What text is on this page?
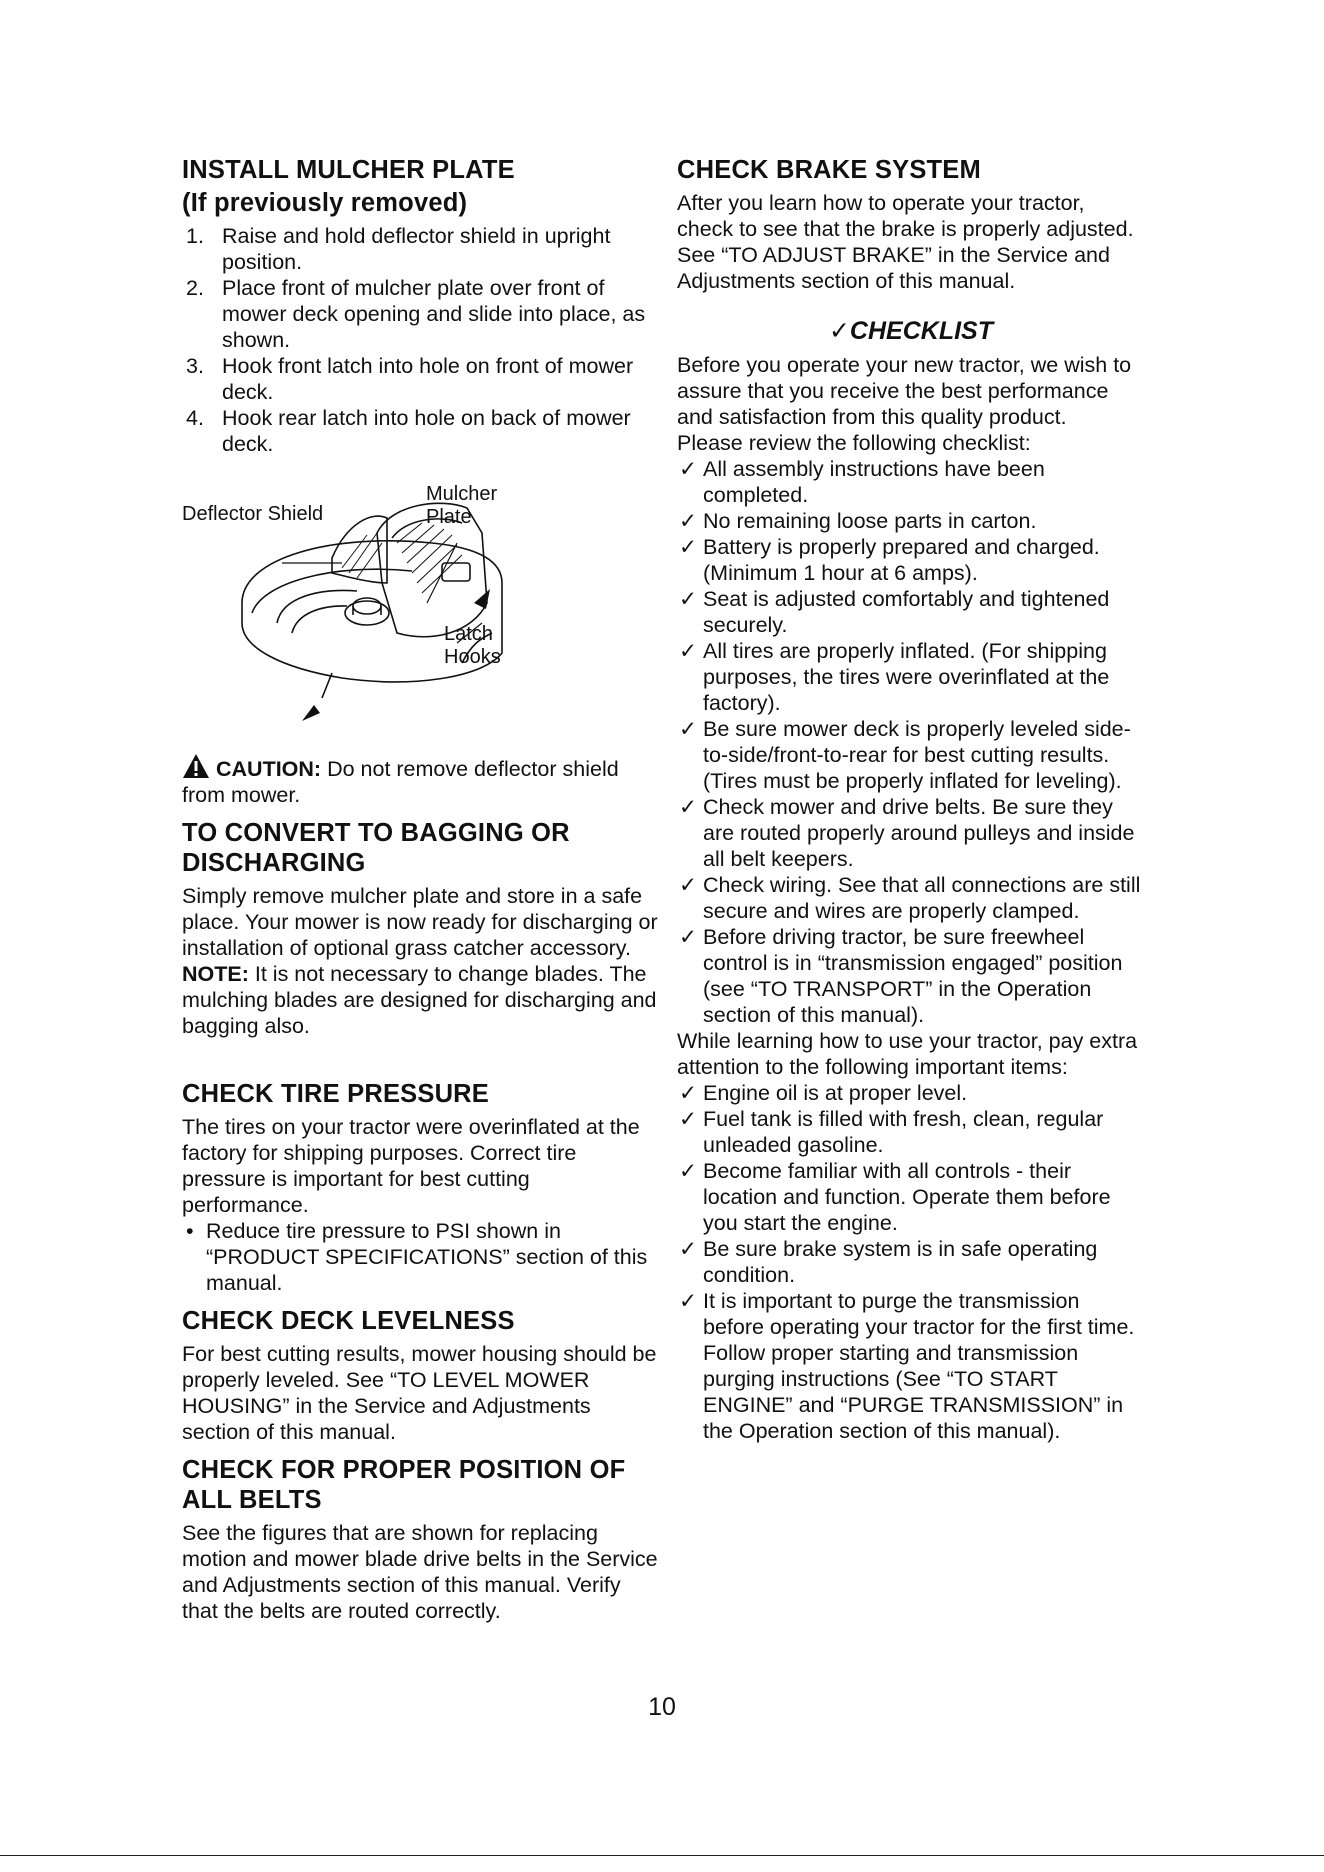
INSTALL MULCHER PLATE
(If previously removed)
1. Raise and hold deflector shield in upright position.
2. Place front of mulcher plate over front of mower deck opening and slide into place, as shown.
3. Hook front latch into hole on front of mower deck.
4. Hook rear latch into hole on back of mower deck.
Deflector Shield
Mulcher Plate
Latch Hooks

CAUTION: Do not remove deflector shield from mower.

TO CONVERT TO BAGGING OR DISCHARGING

Simply remove mulcher plate and store in a safe place. Your mower is now ready for discharging or installation of optional grass catcher accessory.

NOTE: It is not necessary to change blades. The mulching blades are designed for discharging and bagging also.

CHECK TIRE PRESSURE

The tires on your tractor were overinflated at the factory for shipping purposes. Correct tire pressure is important for best cutting performance.

• Reduce tire pressure to PSI shown in “PRODUCT SPECIFICATIONS” section of this manual.
CHECK DECK LEVELNESS

For best cutting results, mower housing should be properly leveled. See “TO LEVEL MOWER HOUSING” in the Service and Adjustments section of this manual.

CHECK FOR PROPER POSITION OF ALL BELTS

See the figures that are shown for replacing motion and mower blade drive belts in the Service and Adjustments section of this manual. Verify that the belts are routed correctly.

CHECK BRAKE SYSTEM

After you learn how to operate your tractor, check to see that the brake is properly adjusted. See “TO ADJUST BRAKE” in the Service and Adjustments section of this manual.

✓CHECKLIST

Before you operate your new tractor, we wish to assure that you receive the best performance and satisfaction from this quality product.

Please review the following checklist:

✓ All assembly instructions have been completed.
✓ No remaining loose parts in carton.
✓ Battery is properly prepared and charged. (Minimum 1 hour at 6 amps).
✓ Seat is adjusted comfortably and tightened securely.
✓ All tires are properly inflated. (For shipping purposes, the tires were overinflated at the factory).
✓ Be sure mower deck is properly leveled side-to-side/front-to-rear for best cutting results. (Tires must be properly inflated for leveling).
✓ Check mower and drive belts. Be sure they are routed properly around pulleys and inside all belt keepers.
✓ Check wiring. See that all connections are still secure and wires are properly clamped.
✓ Before driving tractor, be sure freewheel control is in “transmission engaged” position (see “TO TRANSPORT” in the Operation section of this manual).

While learning how to use your tractor, pay extra attention to the following important items:

✓ Engine oil is at proper level.
✓ Fuel tank is filled with fresh, clean, regular unleaded gasoline.
✓ Become familiar with all controls - their location and function. Operate them before you start the engine.
✓ Be sure brake system is in safe operating condition.
✓ It is important to purge the transmission before operating your tractor for the first time. Follow proper starting and transmission purging instructions (See “TO START ENGINE” and “PURGE TRANSMISSION” in the Operation section of this manual).
10
